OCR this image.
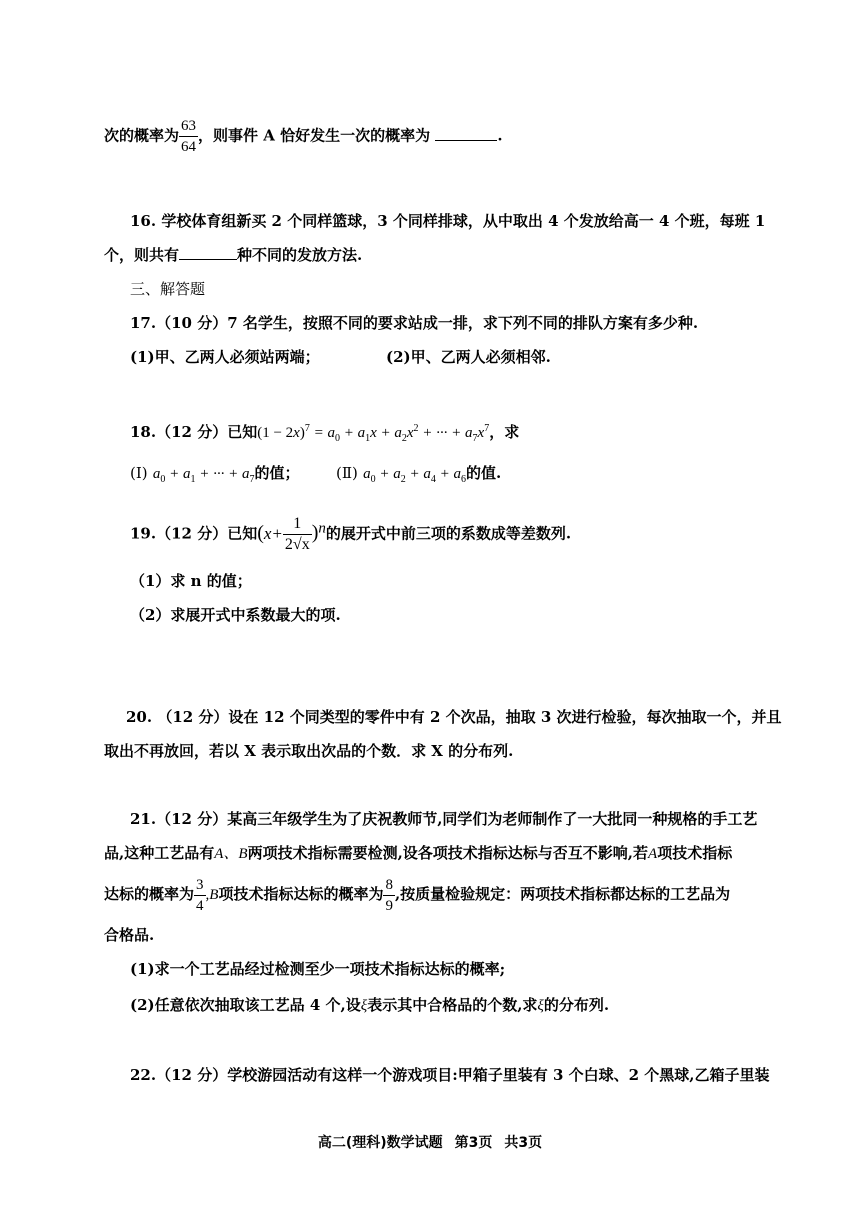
次的概率为 $\frac{63}{64}$ ，则事件 A 恰好发生一次的概率为	.
16. 学校体育组新买 2 个同样篮球，3 个同样排球，从中取出 4 个发放给高一 4 个班，每班 1
个，则共有	种不同的发放方法.
三、解答题
17.（10 分）7 名学生，按照不同的要求站成一排，求下列不同的排队方案有多少种.
(1)甲、乙两人必须站两端；	(2)甲、乙两人必须相邻.
18.（12 分）已知$(1 - 2x)^7 = a_0 + a_1x + a_2x^2$ + ··· + $a_7x^7$，求
(Ⅰ) $a_0 + a_1$ + ··· + $a_7$的值； (Ⅱ) $a_0 + a_2 + a_4 + a_6$的值.
19.（12 分）已知$(x+ \frac{1}{2√x} )^n$的展开式中前三项的系数成等差数列.
（1）求 n 的值；
（2）求展开式中系数最大的项.
20. （12 分）设在 12 个同类型的零件中有 2 个次品，抽取 3 次进行检验，每次抽取一个，并且
取出不再放回，若以 X 表示取出次品的个数．求 X 的分布列.
21.（12 分）某高三年级学生为了庆祝教师节,同学们为老师制作了一大批同一种规格的手工艺
品,这种工艺品有A、B两项技术指标需要检测,设各项技术指标达标与否互不影响,若A项技术指标
达标的概率为 $\frac{3}{4} ,B$项技术指标达标的概率为 $\frac{8}{9}$ ,按质量检验规定：两项技术指标都达标的工艺品为
合格品.
(1)求一个工艺品经过检测至少一项技术指标达标的概率;
(2)任意依次抽取该工艺品 4 个,设ξ表示其中合格品的个数,求ξ的分布列.
22.（12 分）学校游园活动有这样一个游戏项目:甲箱子里装有 3 个白球、2 个黑球,乙箱子里装
高二(理科)数学试题 第3页 共3页
